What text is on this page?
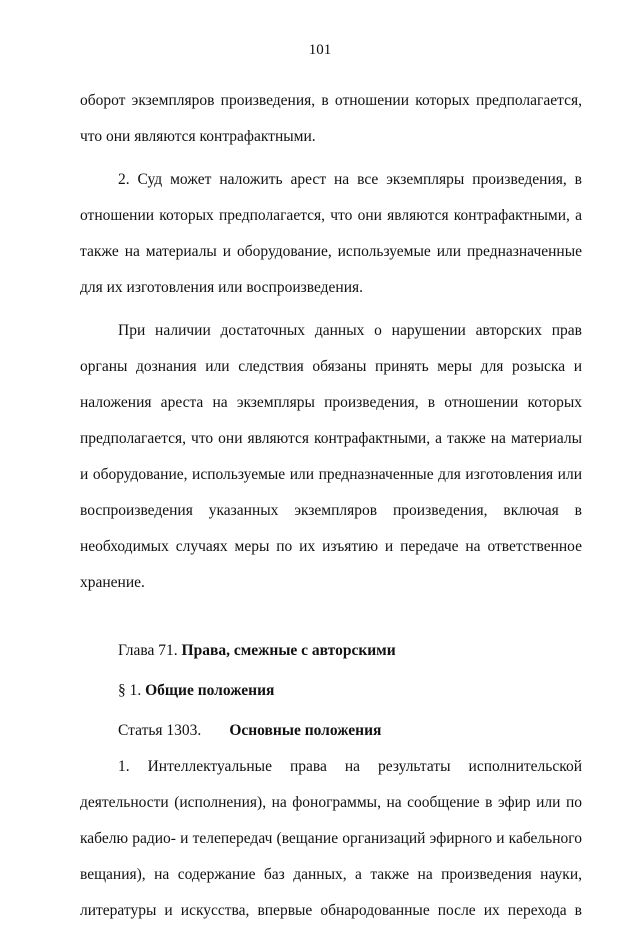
101

оборот экземпляров произведения, в отношении которых предполагается, что они являются контрафактными.

2. Суд может наложить арест на все экземпляры произведения, в отношении которых предполагается, что они являются контрафактными, а также на материалы и оборудование, используемые или предназначенные для их изготовления или воспроизведения.

При наличии достаточных данных о нарушении авторских прав органы дознания или следствия обязаны принять меры для розыска и наложения ареста на экземпляры произведения, в отношении которых предполагается, что они являются контрафактными, а также на материалы и оборудование, используемые или предназначенные для изготовления или воспроизведения указанных экземпляров произведения, включая в необходимых случаях меры по их изъятию и передаче на ответственное хранение.

Глава 71. Права, смежные с авторскими

§ 1. Общие положения

Статья 1303. Основные положения

1. Интеллектуальные права на результаты исполнительской деятельности (исполнения), на фонограммы, на сообщение в эфир или по кабелю радио- и телепередач (вещание организаций эфирного и кабельного вещания), на содержание баз данных, а также на произведения науки, литературы и искусства, впервые обнародованные после их перехода в
